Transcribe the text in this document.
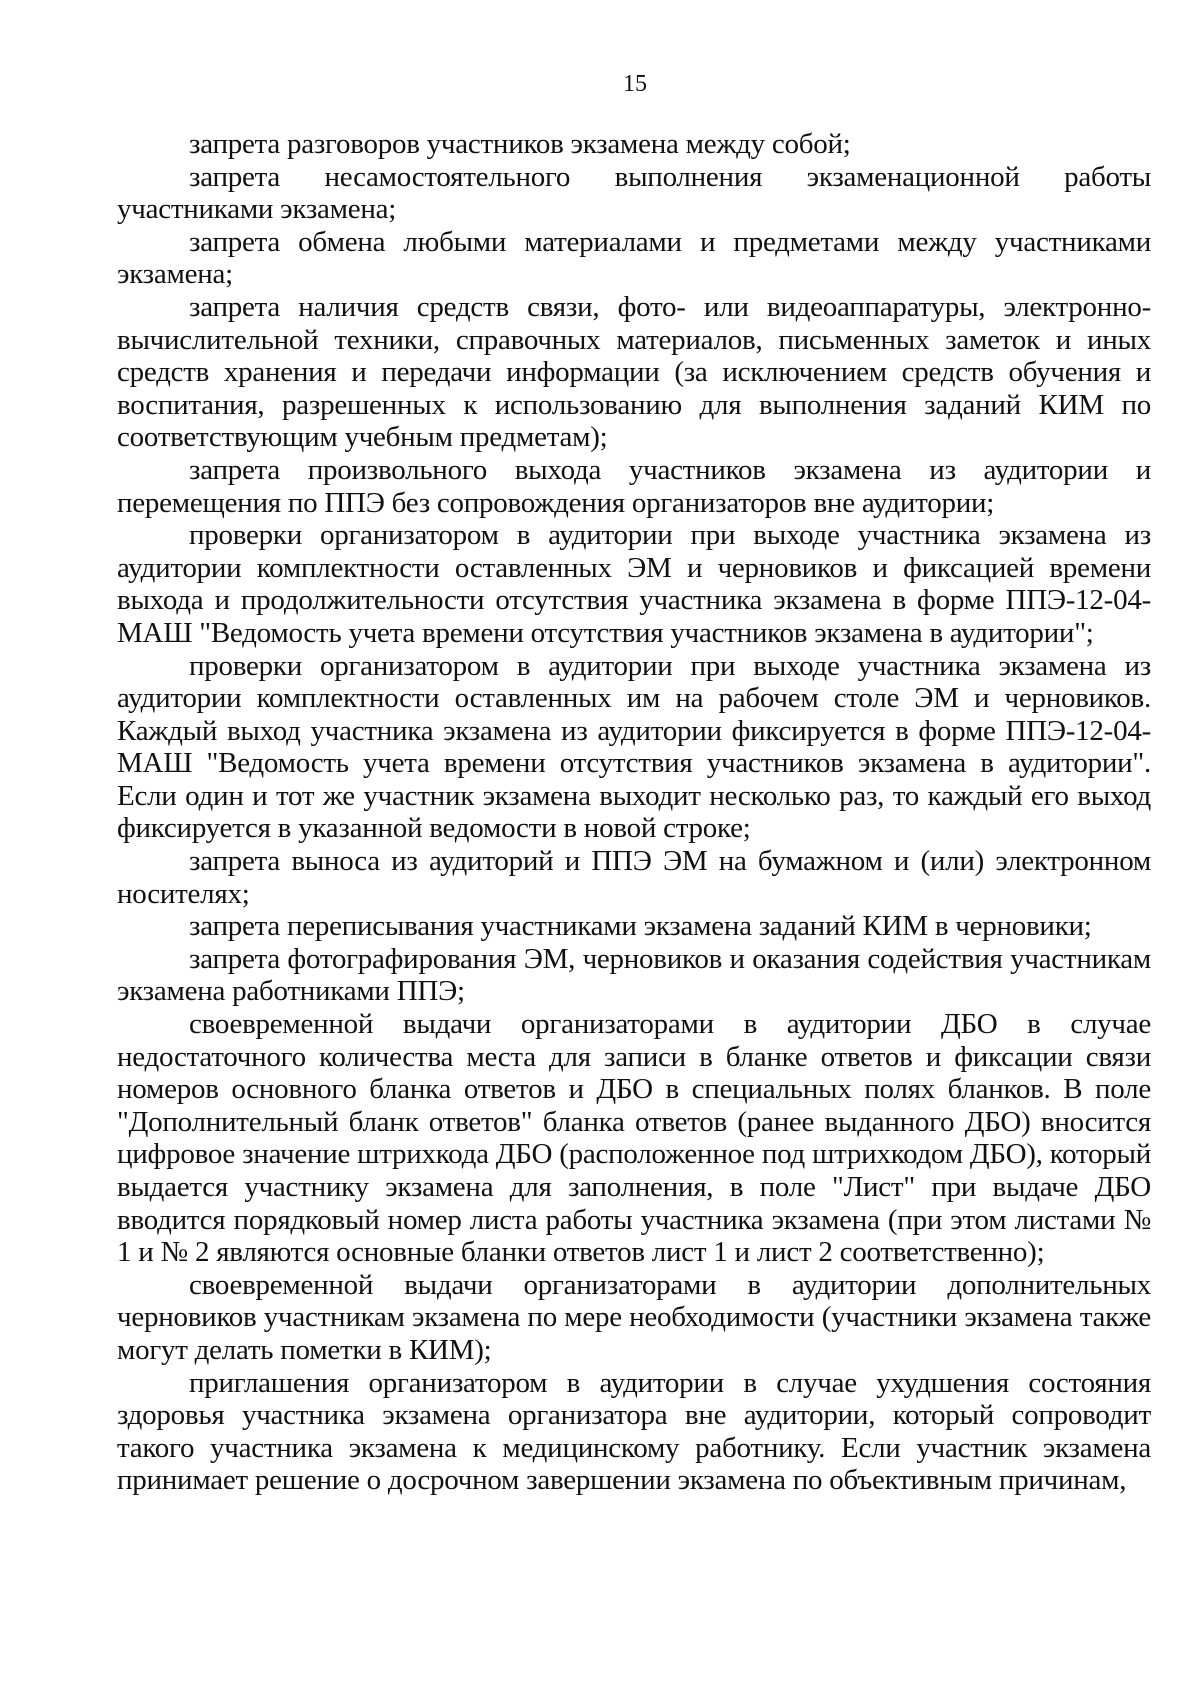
15

запрета разговоров участников экзамена между собой;

запрета несамостоятельного выполнения экзаменационной работы участниками экзамена;

запрета обмена любыми материалами и предметами между участниками экзамена;

запрета наличия средств связи, фото- или видеоаппаратуры, электронно-вычислительной техники, справочных материалов, письменных заметок и иных средств хранения и передачи информации (за исключением средств обучения и воспитания, разрешенных к использованию для выполнения заданий КИМ по соответствующим учебным предметам);

запрета произвольного выхода участников экзамена из аудитории и перемещения по ППЭ без сопровождения организаторов вне аудитории;

проверки организатором в аудитории при выходе участника экзамена из аудитории комплектности оставленных ЭМ и черновиков и фиксацией времени выхода и продолжительности отсутствия участника экзамена в форме ППЭ-12-04- МАШ "Ведомость учета времени отсутствия участников экзамена в аудитории";

проверки организатором в аудитории при выходе участника экзамена из аудитории комплектности оставленных им на рабочем столе ЭМ и черновиков. Каждый выход участника экзамена из аудитории фиксируется в форме ППЭ-12-04-МАШ "Ведомость учета времени отсутствия участников экзамена в аудитории". Если один и тот же участник экзамена выходит несколько раз, то каждый его выход фиксируется в указанной ведомости в новой строке;

запрета выноса из аудиторий и ППЭ ЭМ на бумажном и (или) электронном носителях;

запрета переписывания участниками экзамена заданий КИМ в черновики;

запрета фотографирования ЭМ, черновиков и оказания содействия участникам экзамена работниками ППЭ;

своевременной выдачи организаторами в аудитории ДБО в случае недостаточного количества места для записи в бланке ответов и фиксации связи номеров основного бланка ответов и ДБО в специальных полях бланков. В поле "Дополнительный бланк ответов" бланка ответов (ранее выданного ДБО) вносится цифровое значение штрихкода ДБО (расположенное под штрихкодом ДБО), который выдается участнику экзамена для заполнения, в поле "Лист" при выдаче ДБО вводится порядковый номер листа работы участника экзамена (при этом листами № 1 и № 2 являются основные бланки ответов лист 1 и лист 2 соответственно);

своевременной выдачи организаторами в аудитории дополнительных черновиков участникам экзамена по мере необходимости (участники экзамена также могут делать пометки в КИМ);

приглашения организатором в аудитории в случае ухудшения состояния здоровья участника экзамена организатора вне аудитории, который сопроводит такого участника экзамена к медицинскому работнику. Если участник экзамена принимает решение о досрочном завершении экзамена по объективным причинам,
